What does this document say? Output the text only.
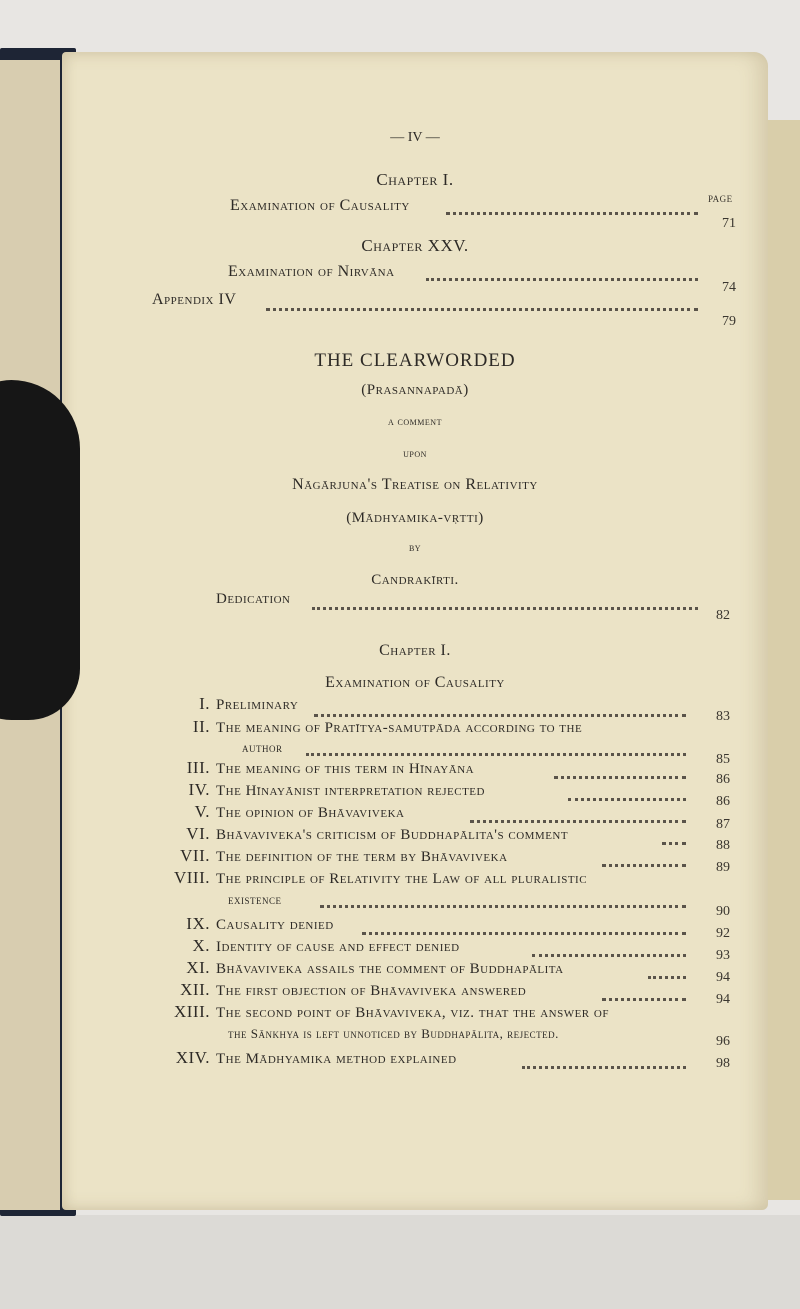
— IV —
Chapter I.
PAGE
Examination of Causality
71
Chapter XXV.
Examination of Nirvāna
74
Appendix IV
79
THE CLEARWORDED
(Prasannapadā)
a comment
upon
Nāgārjuna's Treatise on Relativity
(Mādhyamika-vṛtti)
by
Candrakīrti.
Dedication
82
Chapter I.
Examination of Causality
I. Preliminary
83
II. The meaning of Pratītya-samutpāda according to the
author
85
III. The meaning of this term in Hīnayāna
86
IV. The Hīnayānist interpretation rejected
86
V. The opinion of Bhāvaviveka
87
VI. Bhāvaviveka's criticism of Buddhapālita's comment
88
VII. The definition of the term by Bhāvaviveka
89
VIII. The principle of Relativity the Law of all pluralistic
existence
90
IX. Causality denied
92
X. Identity of cause and effect denied
93
XI. Bhāvaviveka assails the comment of Buddhapālita
94
XII. The first objection of Bhāvaviveka answered
94
XIII. The second point of Bhāvaviveka, viz. that the answer of
the Sānkhya is left unnoticed by Buddhapālita, rejected.
96
XIV. The Mādhyamika method explained	98
